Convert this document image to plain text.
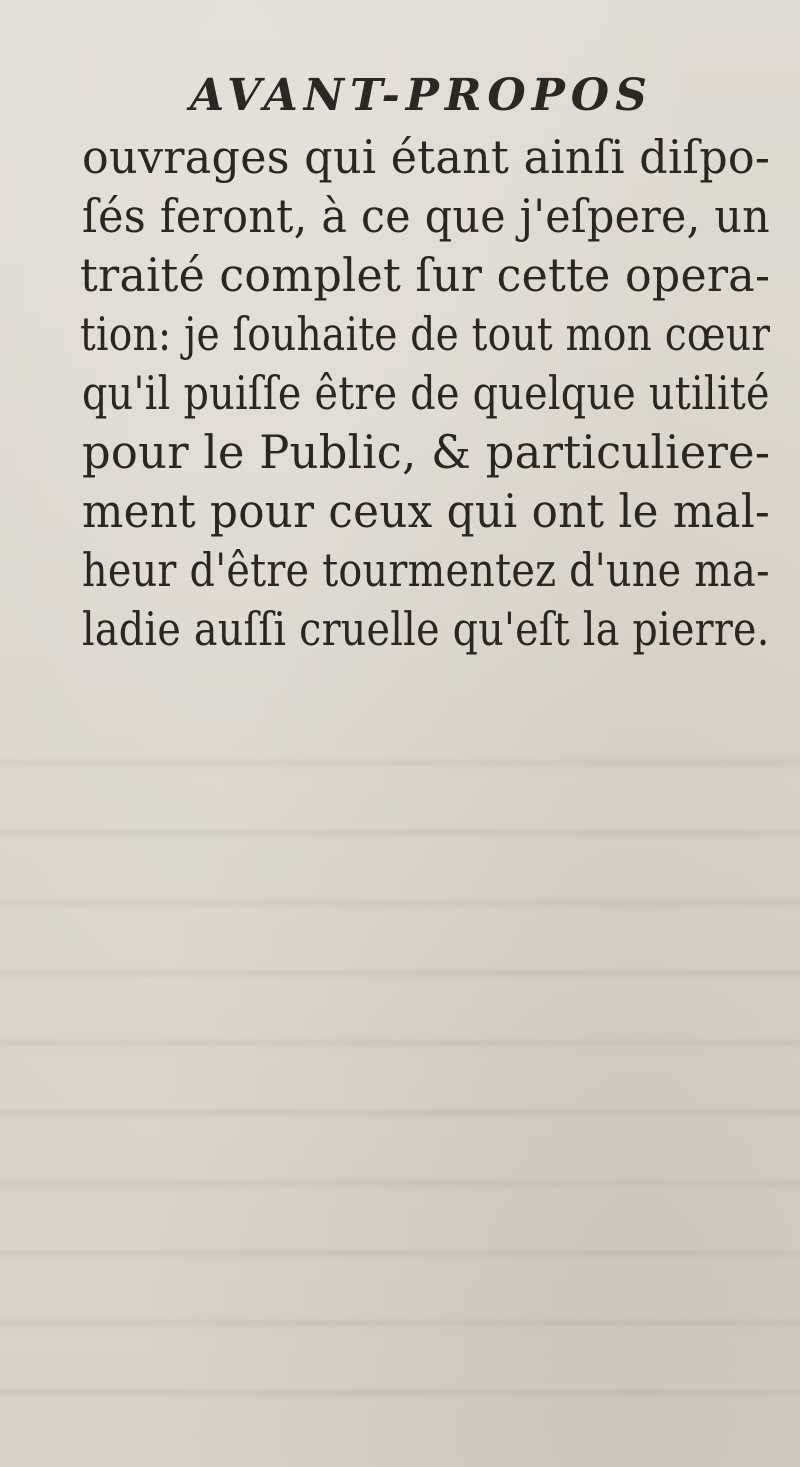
AVANT-PROPOS
ouvrages qui étant ainſi diſpo-
ſés feront, à ce que j'eſpere, un
traité complet ſur cette opera-
tion: je ſouhaite de tout mon cœur
qu'il puiſſe être de quelque utilité
pour le Public, & particuliere-
ment pour ceux qui ont le mal-
heur d'être tourmentez d'une ma-
ladie auſſi cruelle qu'eſt la pierre.
